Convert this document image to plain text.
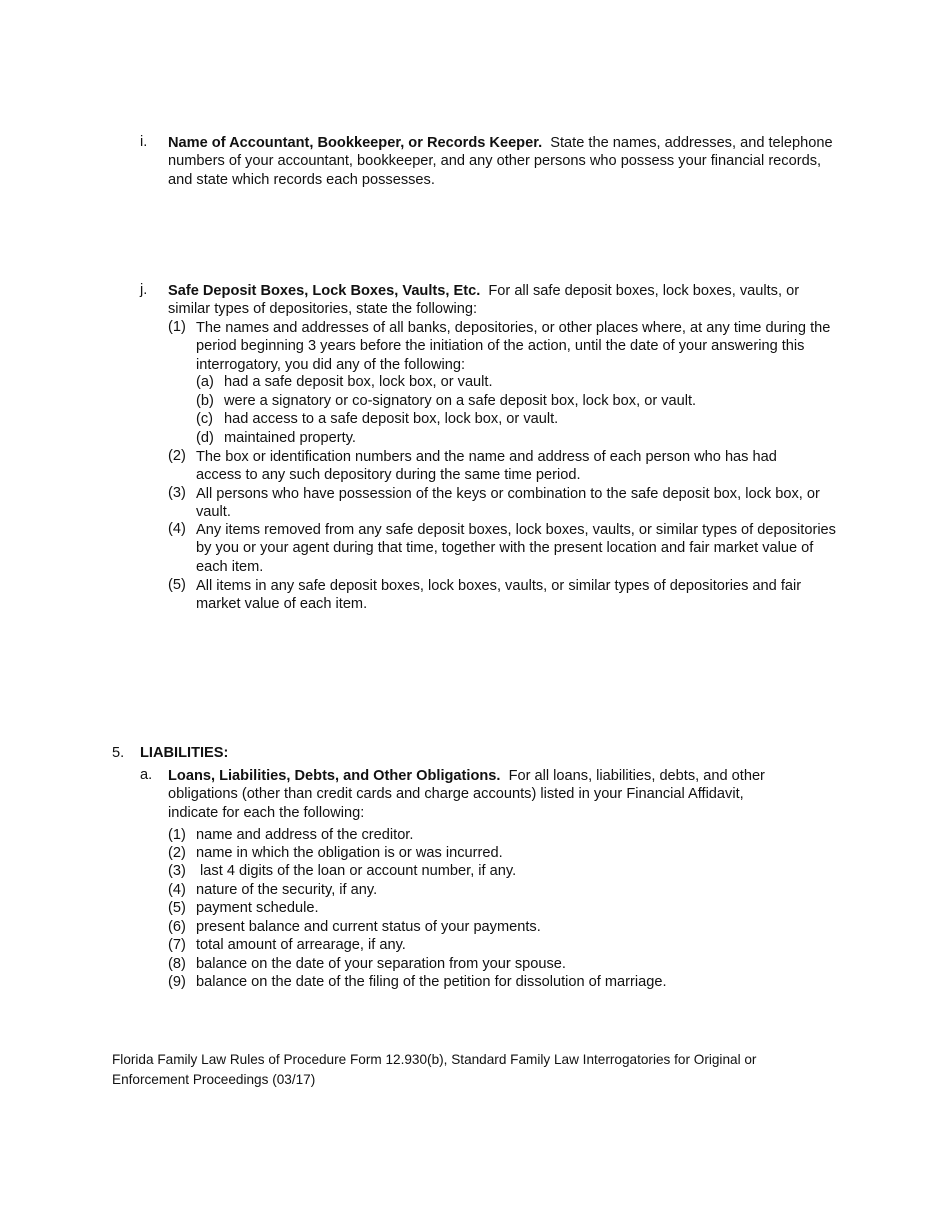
i. Name of Accountant, Bookkeeper, or Records Keeper. State the names, addresses, and telephone numbers of your accountant, bookkeeper, and any other persons who possess your financial records, and state which records each possesses.
j. Safe Deposit Boxes, Lock Boxes, Vaults, Etc. For all safe deposit boxes, lock boxes, vaults, or similar types of depositories, state the following:
(1) The names and addresses of all banks, depositories, or other places where, at any time during the period beginning 3 years before the initiation of the action, until the date of your answering this interrogatory, you did any of the following:
(a) had a safe deposit box, lock box, or vault.
(b) were a signatory or co-signatory on a safe deposit box, lock box, or vault.
(c) had access to a safe deposit box, lock box, or vault.
(d) maintained property.
(2) The box or identification numbers and the name and address of each person who has had access to any such depository during the same time period.
(3) All persons who have possession of the keys or combination to the safe deposit box, lock box, or vault.
(4) Any items removed from any safe deposit boxes, lock boxes, vaults, or similar types of depositories by you or your agent during that time, together with the present location and fair market value of each item.
(5) All items in any safe deposit boxes, lock boxes, vaults, or similar types of depositories and fair market value of each item.
5. LIABILITIES:
a. Loans, Liabilities, Debts, and Other Obligations. For all loans, liabilities, debts, and other obligations (other than credit cards and charge accounts) listed in your Financial Affidavit, indicate for each the following:
(1) name and address of the creditor.
(2) name in which the obligation is or was incurred.
(3) last 4 digits of the loan or account number, if any.
(4) nature of the security, if any.
(5) payment schedule.
(6) present balance and current status of your payments.
(7) total amount of arrearage, if any.
(8) balance on the date of your separation from your spouse.
(9) balance on the date of the filing of the petition for dissolution of marriage.
Florida Family Law Rules of Procedure Form 12.930(b), Standard Family Law Interrogatories for Original or Enforcement Proceedings (03/17)
